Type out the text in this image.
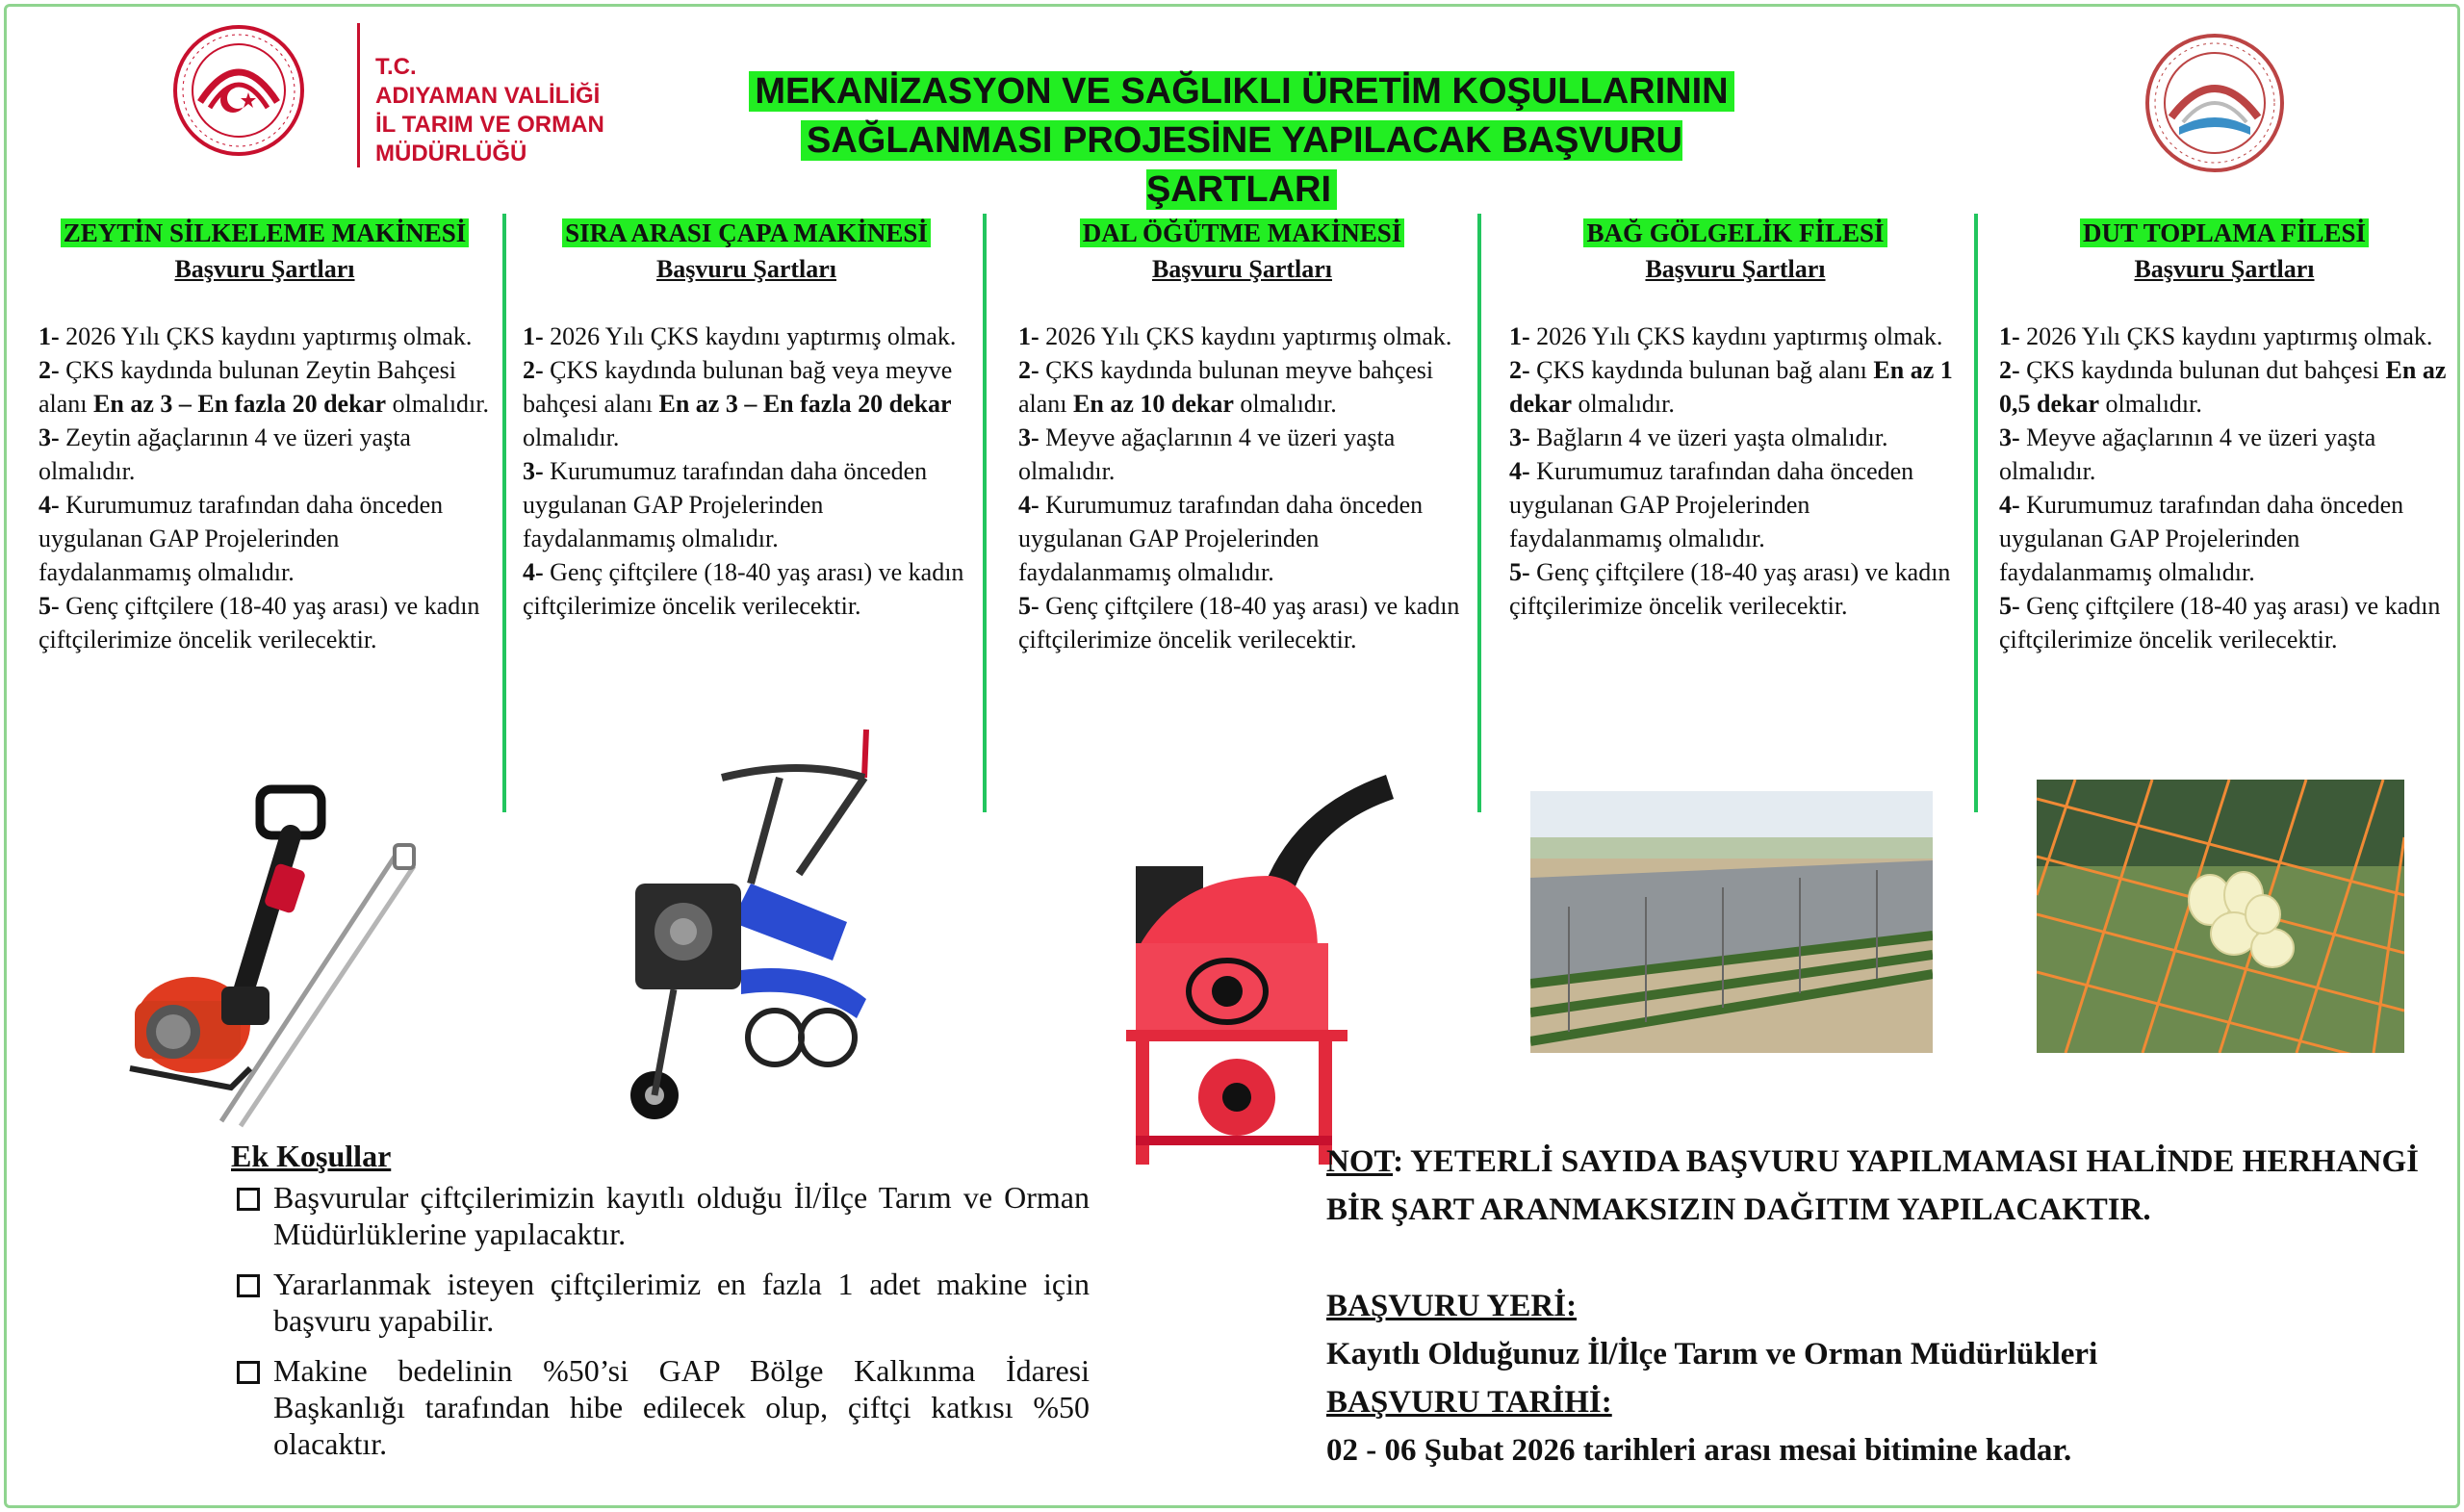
T.C.
ADIYAMAN VALİLİĞİ
İL TARIM VE ORMAN
MÜDÜRLÜĞÜ
MEKANİZASYON VE SAĞLIKLI ÜRETİM KOŞULLARININ
SAĞLANMASI PROJESİNE YAPILACAK BAŞVURU ŞARTLARI
ZEYTİN SİLKELEME MAKİNESİ
Başvuru Şartları

1- 2026 Yılı ÇKS kaydını yaptırmış olmak.

2- ÇKS kaydında bulunan Zeytin Bahçesi alanı En az 3 – En fazla 20 dekar olmalıdır.

3- Zeytin ağaçlarının 4 ve üzeri yaşta olmalıdır.

4- Kurumumuz tarafından daha önceden uygulanan GAP Projelerinden faydalanmamış olmalıdır.

5- Genç çiftçilere (18-40 yaş arası) ve kadın çiftçilerimize öncelik verilecektir.

SIRA ARASI ÇAPA MAKİNESİ
Başvuru Şartları

1- 2026 Yılı ÇKS kaydını yaptırmış olmak.

2- ÇKS kaydında bulunan bağ veya meyve bahçesi alanı En az 3 – En fazla 20 dekar olmalıdır.

3- Kurumumuz tarafından daha önceden uygulanan GAP Projelerinden faydalanmamış olmalıdır.

4- Genç çiftçilere (18-40 yaş arası) ve kadın çiftçilerimize öncelik verilecektir.

DAL ÖĞÜTME MAKİNESİ
Başvuru Şartları

1- 2026 Yılı ÇKS kaydını yaptırmış olmak.

2- ÇKS kaydında bulunan meyve bahçesi alanı En az 10 dekar olmalıdır.

3- Meyve ağaçlarının 4 ve üzeri yaşta olmalıdır.

4- Kurumumuz tarafından daha önceden uygulanan GAP Projelerinden faydalanmamış olmalıdır.

5- Genç çiftçilere (18-40 yaş arası) ve kadın çiftçilerimize öncelik verilecektir.

BAĞ GÖLGELİK FİLESİ
Başvuru Şartları

1- 2026 Yılı ÇKS kaydını yaptırmış olmak.

2- ÇKS kaydında bulunan bağ alanı En az 1 dekar olmalıdır.

3- Bağların 4 ve üzeri yaşta olmalıdır.

4- Kurumumuz tarafından daha önceden uygulanan GAP Projelerinden faydalanmamış olmalıdır.

5- Genç çiftçilere (18-40 yaş arası) ve kadın çiftçilerimize öncelik verilecektir.

DUT TOPLAMA FİLESİ
Başvuru Şartları

1- 2026 Yılı ÇKS kaydını yaptırmış olmak.

2- ÇKS kaydında bulunan dut bahçesi En az 0,5 dekar olmalıdır.

3- Meyve ağaçlarının 4 ve üzeri yaşta olmalıdır.

4- Kurumumuz tarafından daha önceden uygulanan GAP Projelerinden faydalanmamış olmalıdır.

5- Genç çiftçilere (18-40 yaş arası) ve kadın çiftçilerimize öncelik verilecektir.

Ek Koşullar

Başvurular çiftçilerimizin kayıtlı olduğu İl/İlçe Tarım ve Orman Müdürlüklerine yapılacaktır.
Yararlanmak isteyen çiftçilerimiz en fazla 1 adet makine için başvuru yapabilir.
Makine bedelinin %50’si GAP Bölge Kalkınma İdaresi Başkanlığı tarafından hibe edilecek olup, çiftçi katkısı %50 olacaktır.

NOT: YETERLİ SAYIDA BAŞVURU YAPILMAMASI HALİNDE HERHANGİ BİR ŞART ARANMAKSIZIN DAĞITIM YAPILACAKTIR.

BAŞVURU YERİ:

Kayıtlı Olduğunuz İl/İlçe Tarım ve Orman Müdürlükleri

BAŞVURU TARİHİ:

02 - 06 Şubat 2026 tarihleri arası mesai bitimine kadar.
